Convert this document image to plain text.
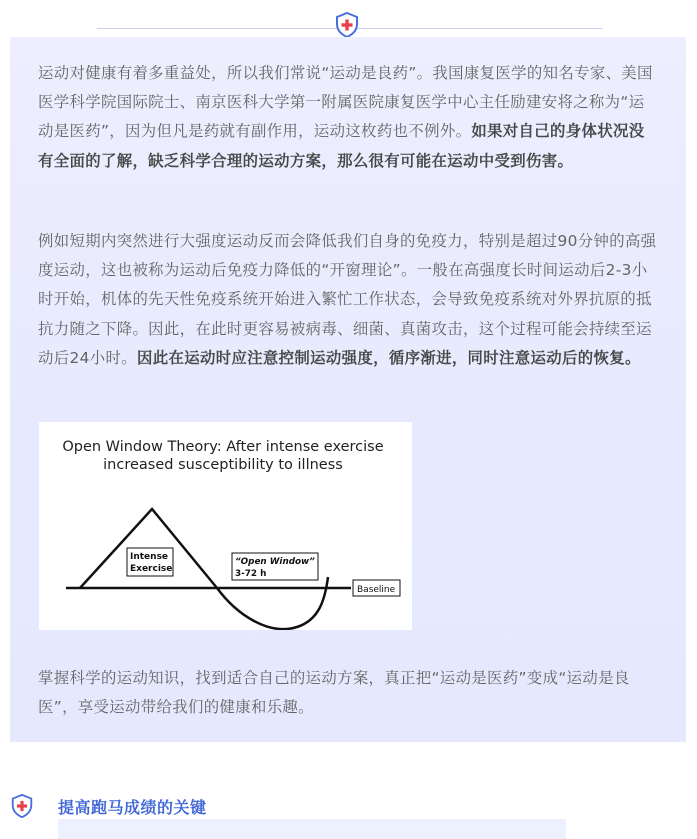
运动对健康有着多重益处，所以我们常说“运动是良药”。我国康复医学的知名专家、美国医学科学院国际院士、南京医科大学第一附属医院康复医学中心主任励建安将之称为“运动是医药”，因为但凡是药就有副作用，运动这枚药也不例外。如果对自己的身体状况没有全面的了解，缺乏科学合理的运动方案，那么很有可能在运动中受到伤害。

例如短期内突然进行大强度运动反而会降低我们自身的免疫力，特别是超过90分钟的高强度运动，这也被称为运动后免疫力降低的“开窗理论”。一般在高强度长时间运动后2-3小时开始，机体的先天性免疫系统开始进入繁忙工作状态，会导致免疫系统对外界抗原的抵抗力随之下降。因此，在此时更容易被病毒、细菌、真菌攻击，这个过程可能会持续至运动后24小时。因此在运动时应注意控制运动强度，循序渐进，同时注意运动后的恢复。

Open Window Theory: After intense exercise
increased susceptibility to illness
Intense
Exercise
“Open Window”
3-72 h
Baseline

掌握科学的运动知识，找到适合自己的运动方案，真正把“运动是医药”变成“运动是良医”，享受运动带给我们的健康和乐趣。

提高跑马成绩的关键
